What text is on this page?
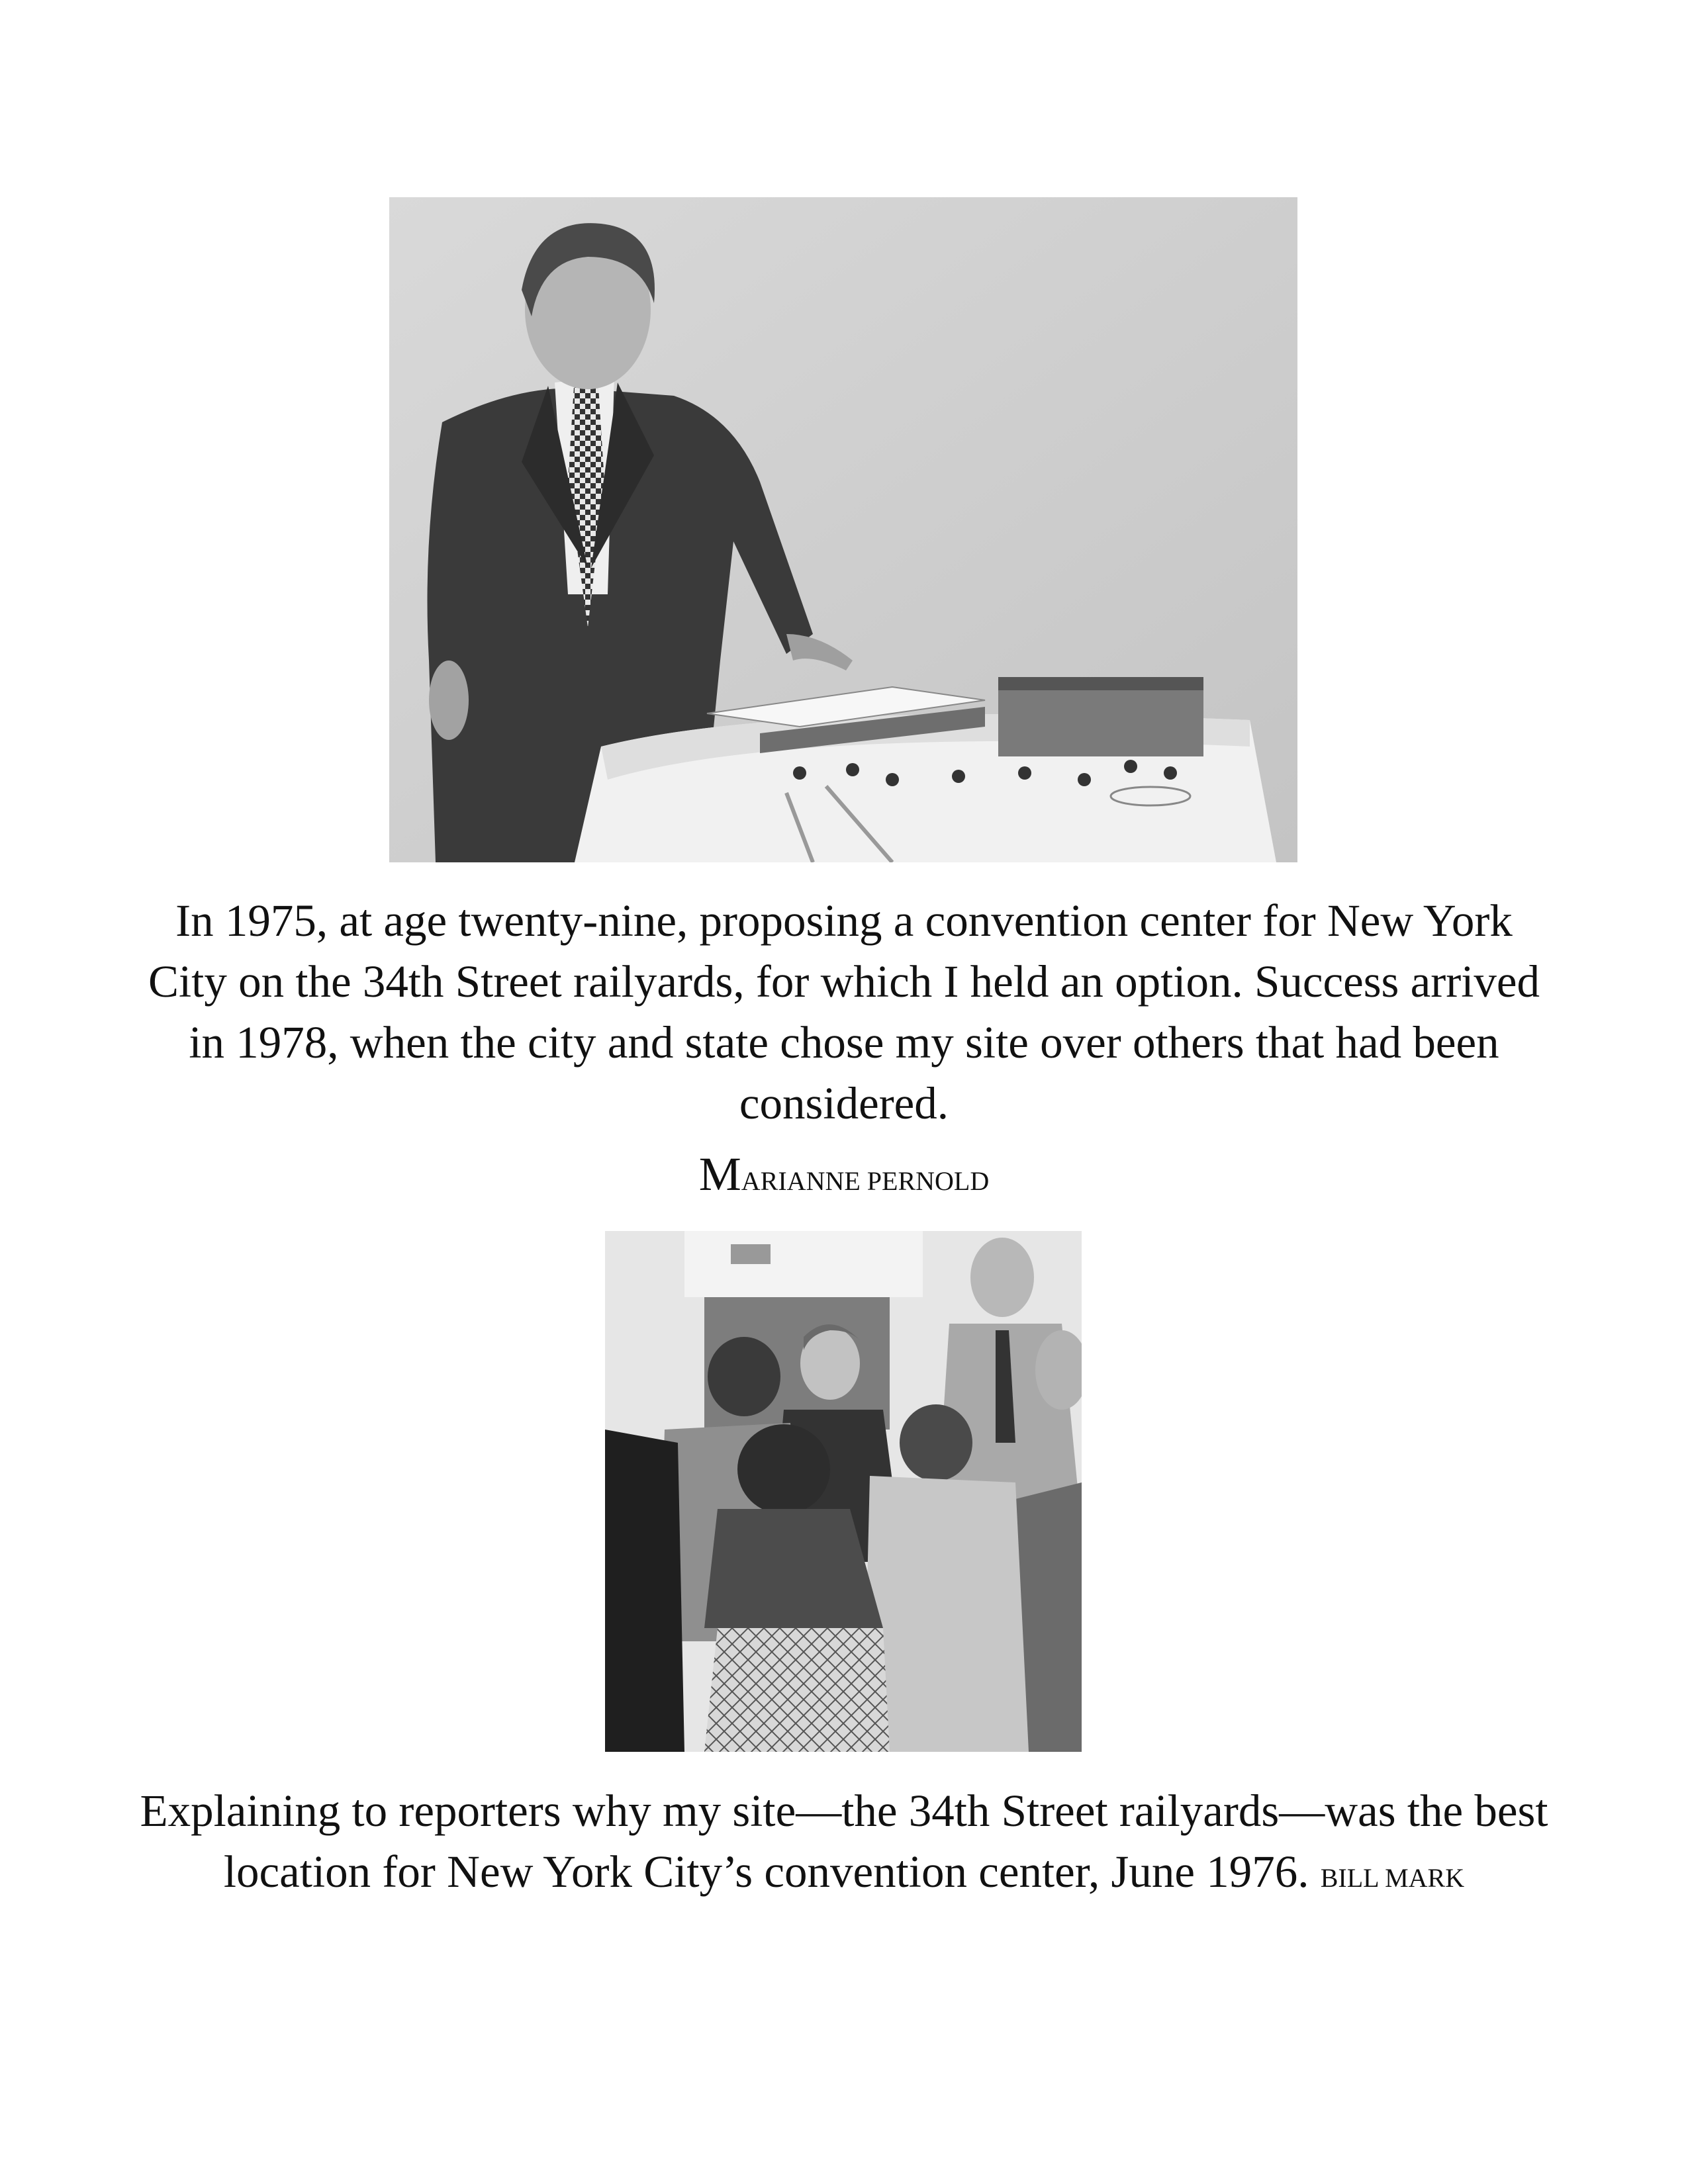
In 1975, at age twenty-nine, proposing a convention center for New York City on the 34th Street railyards, for which I held an option. Success arrived in 1978, when the city and state chose my site over others that had been considered.

MARIANNE PERNOLD

Explaining to reporters why my site—the 34th Street railyards—was the best location for New York City’s convention center, June 1976. BILL MARK
